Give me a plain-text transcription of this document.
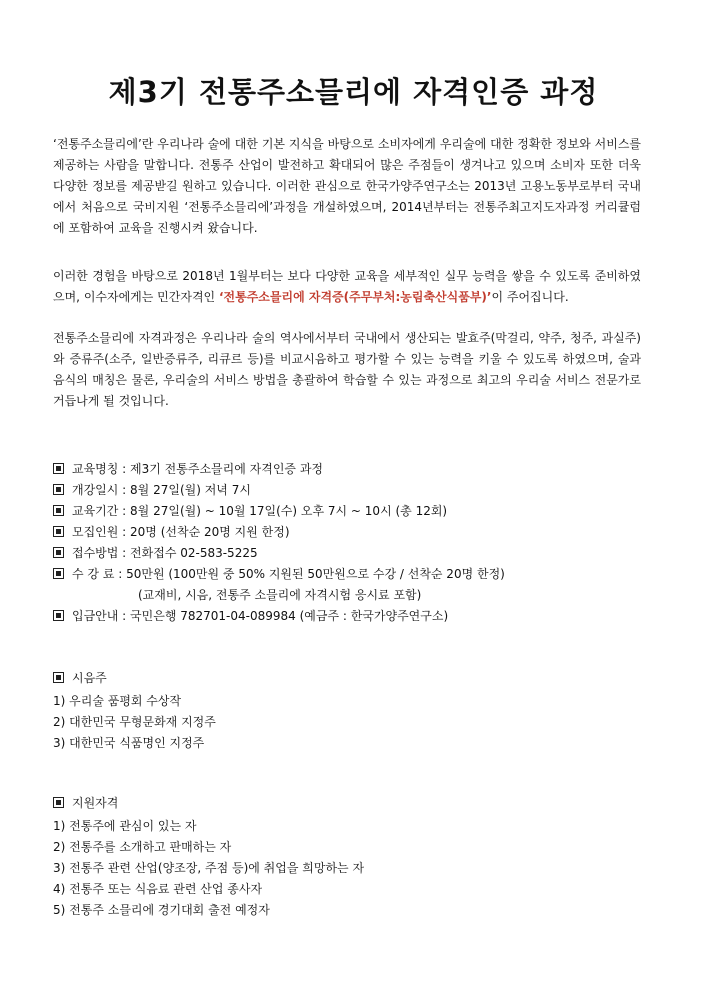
제3기 전통주소믈리에 자격인증 과정

‘전통주소믈리에’란 우리나라 술에 대한 기본 지식을 바탕으로 소비자에게 우리술에 대한 정확한 정보와 서비스를 제공하는 사람을 말합니다. 전통주 산업이 발전하고 확대되어 많은 주점들이 생겨나고 있으며 소비자 또한 더욱 다양한 정보를 제공받길 원하고 있습니다. 이러한 관심으로 한국가양주연구소는 2013년 고용노동부로부터 국내에서 처음으로 국비지원 ‘전통주소믈리에’과정을 개설하였으며, 2014년부터는 전통주최고지도자과정 커리큘럼에 포함하여 교육을 진행시켜 왔습니다.

이러한 경험을 바탕으로 2018년 1월부터는 보다 다양한 교육을 세부적인 실무 능력을 쌓을 수 있도록 준비하였으며, 이수자에게는 민간자격인 ‘전통주소믈리에 자격증(주무부처:농림축산식품부)’이 주어집니다.

전통주소믈리에 자격과정은 우리나라 술의 역사에서부터 국내에서 생산되는 발효주(막걸리, 약주, 청주, 과실주)와 증류주(소주, 일반증류주, 리큐르 등)를 비교시음하고 평가할 수 있는 능력을 키울 수 있도록 하였으며, 술과 음식의 매칭은 물론, 우리술의 서비스 방법을 총괄하여 학습할 수 있는 과정으로 최고의 우리술 서비스 전문가로 거듭나게 될 것입니다.

교육명칭 : 제3기 전통주소믈리에 자격인증 과정
개강일시 : 8월 27일(월) 저녁 7시
교육기간 : 8월 27일(월) ~ 10월 17일(수) 오후 7시 ~ 10시 (총 12회)
모집인원 : 20명 (선착순 20명 지원 한정)
접수방법 : 전화접수 02-583-5225
수 강 료 : 50만원 (100만원 중 50% 지원된 50만원으로 수강 / 선착순 20명 한정)
(교재비, 시음, 전통주 소믈리에 자격시험 응시료 포함)
입금안내 : 국민은행 782701-04-089984 (예금주 : 한국가양주연구소)
시음주
1) 우리술 품평회 수상작
2) 대한민국 무형문화재 지정주
3) 대한민국 식품명인 지정주
지원자격
1) 전통주에 관심이 있는 자
2) 전통주를 소개하고 판매하는 자
3) 전통주 관련 산업(양조장, 주점 등)에 취업을 희망하는 자
4) 전통주 또는 식음료 관련 산업 종사자
5) 전통주 소믈리에 경기대회 출전 예정자
